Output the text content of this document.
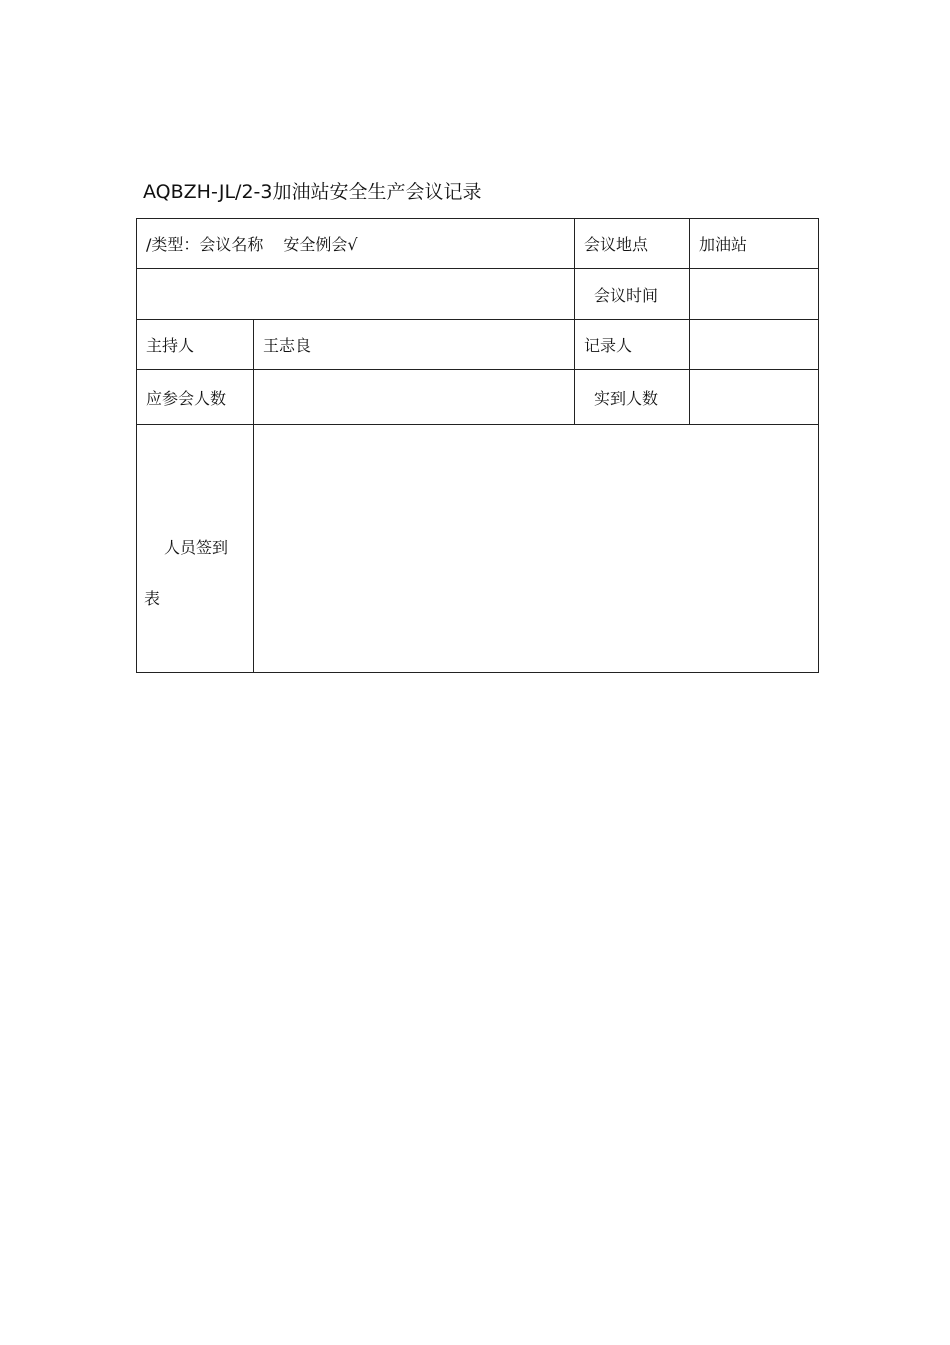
AQBZH-JL/2-3加油站安全生产会议记录
/类型：会议名称 安全例会√		会议地点	加油站
		会议时间	
主持人	王志良	记录人	
应参会人数		实到人数	

人员签到
表			
